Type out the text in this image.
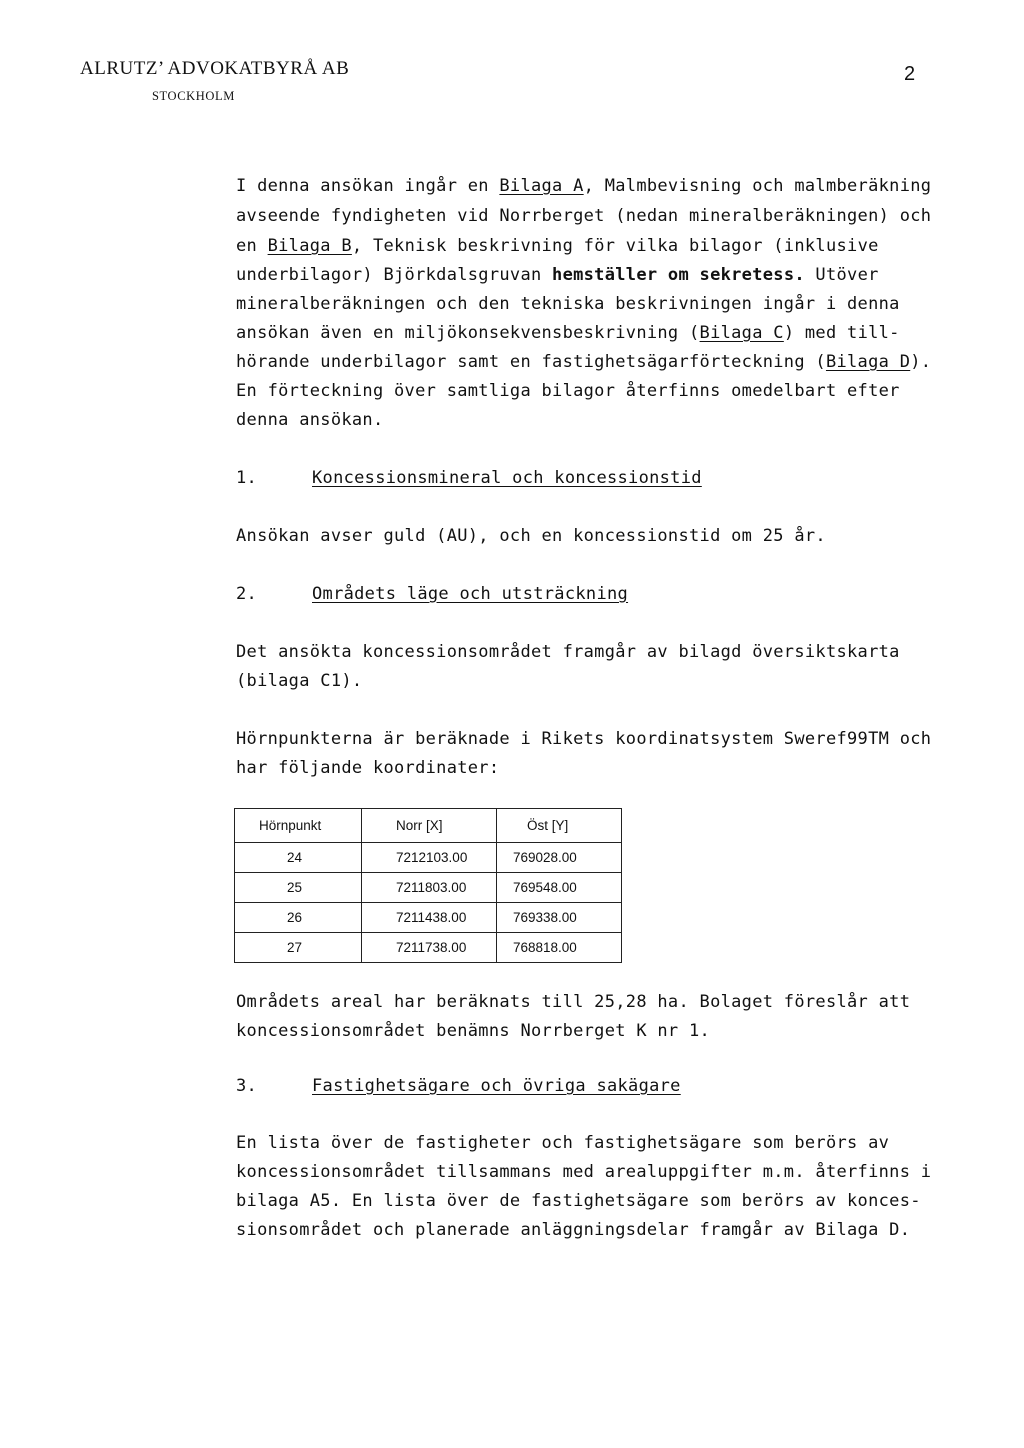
ALRUTZ’ ADVOKATBYRÅ AB
STOCKHOLM
2
I denna ansökan ingår en Bilaga A, Malmbevisning och malmberäkning
avseende fyndigheten vid Norrberget (nedan mineralberäkningen) och
en Bilaga B, Teknisk beskrivning för vilka bilagor (inklusive
underbilagor) Björkdalsgruvan hemställer om sekretess. Utöver
mineralberäkningen och den tekniska beskrivningen ingår i denna
ansökan även en miljökonsekvensbeskrivning (Bilaga C) med till-
hörande underbilagor samt en fastighetsägarförteckning (Bilaga D).
En förteckning över samtliga bilagor återfinns omedelbart efter
denna ansökan.
1.	Koncessionsmineral och koncessionstid
Ansökan avser guld (AU), och en koncessionstid om 25 år.
2.	Områdets läge och utsträckning
Det ansökta koncessionsområdet framgår av bilagd översiktskarta
(bilaga C1).
Hörnpunkterna är beräknade i Rikets koordinatsystem Sweref99TM och
har följande koordinater:
Hörnpunkt	Norr [X]	Öst [Y]
24	7212103.00	769028.00
25	7211803.00	769548.00
26	7211438.00	769338.00
27	7211738.00	768818.00
Områdets areal har beräknats till 25,28 ha. Bolaget föreslår att
koncessionsområdet benämns Norrberget K nr 1.
3.	Fastighetsägare och övriga sakägare
En lista över de fastigheter och fastighetsägare som berörs av
koncessionsområdet tillsammans med arealuppgifter m.m. återfinns i
bilaga A5. En lista över de fastighetsägare som berörs av konces-
sionsområdet och planerade anläggningsdelar framgår av Bilaga D.
